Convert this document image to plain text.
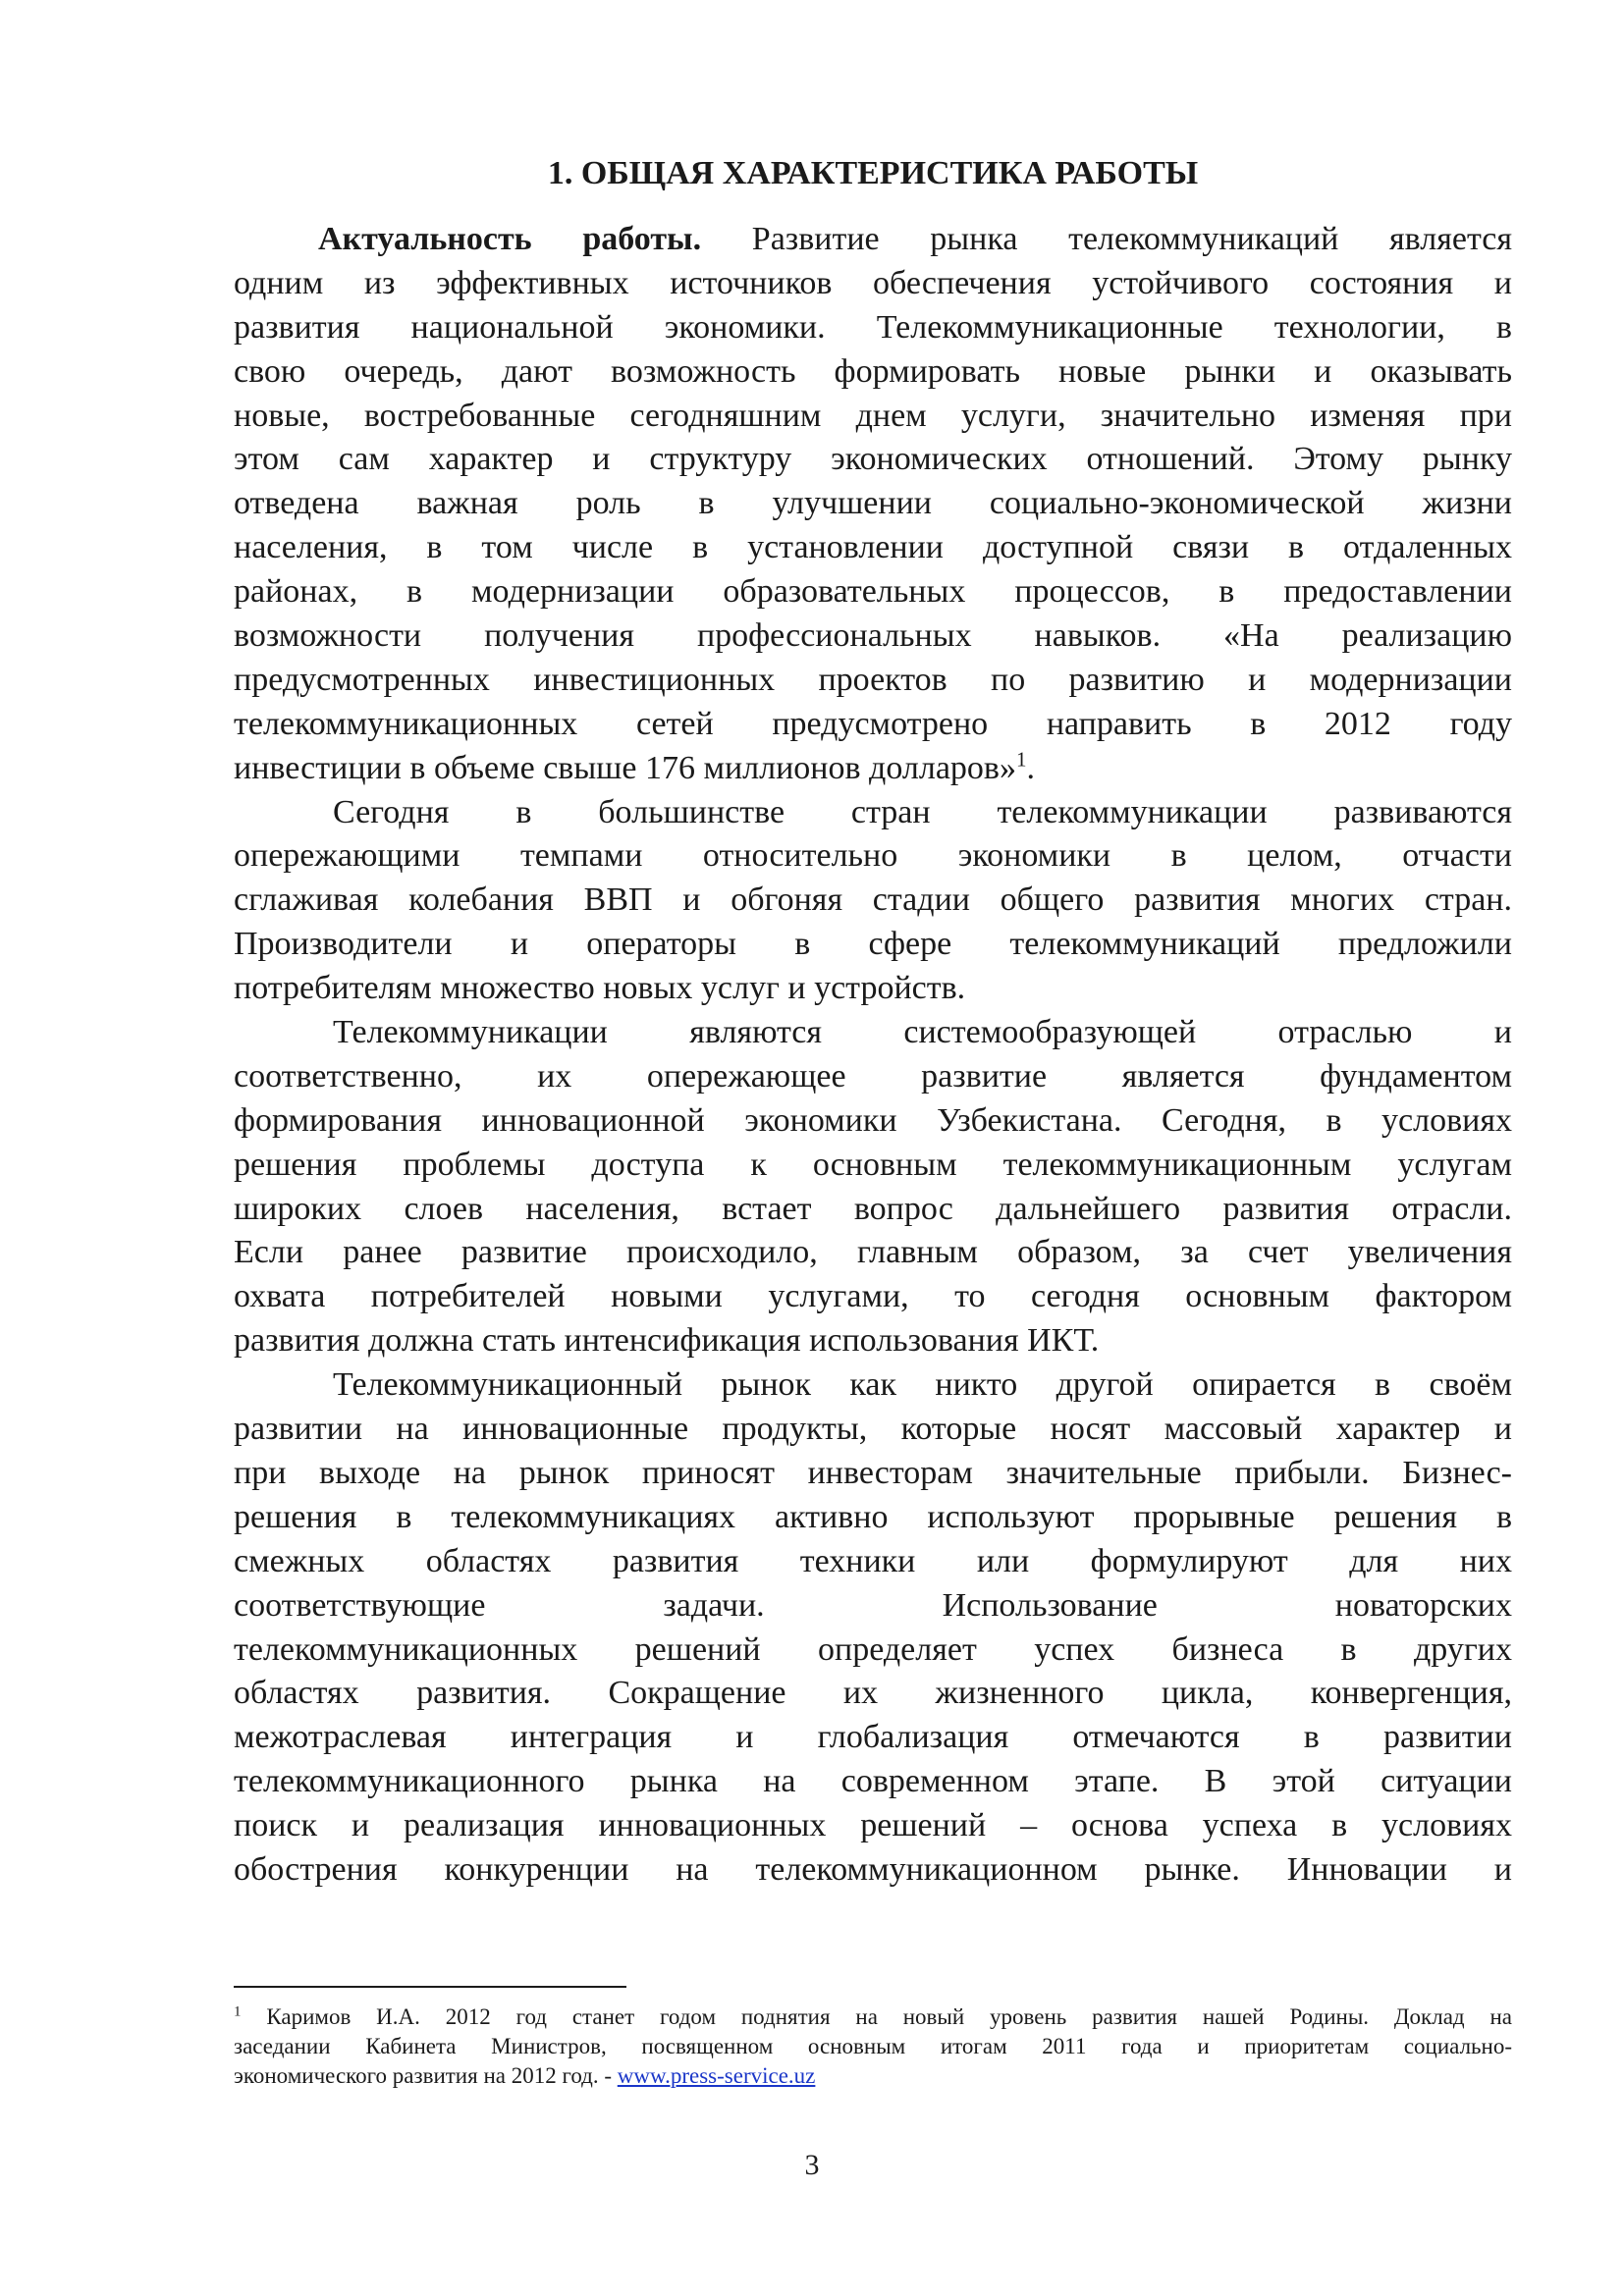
1. ОБЩАЯ ХАРАКТЕРИСТИКА РАБОТЫ
Актуальность работы. Развитие рынка телекоммуникаций является
одним из эффективных источников обеспечения устойчивого состояния и
развития национальной экономики. Телекоммуникационные технологии, в
свою очередь, дают возможность формировать новые рынки и оказывать
новые, востребованные сегодняшним днем услуги, значительно изменяя при
этом сам характер и структуру экономических отношений. Этому рынку
отведена важная роль в улучшении социально-экономической жизни
населения, в том числе в установлении доступной связи в отдаленных
районах, в модернизации образовательных процессов, в предоставлении
возможности получения профессиональных навыков. «На реализацию
предусмотренных инвестиционных проектов по развитию и модернизации
телекоммуникационных сетей предусмотрено направить в 2012 году
инвестиции в объеме свыше 176 миллионов долларов»$^1$.
Сегодня в большинстве стран телекоммуникации развиваются
опережающими темпами относительно экономики в целом, отчасти
сглаживая колебания ВВП и обгоняя стадии общего развития многих стран.
Производители и операторы в сфере телекоммуникаций предложили
потребителям множество новых услуг и устройств.
Телекоммуникации являются системообразующей отраслью и
соответственно, их опережающее развитие является фундаментом
формирования инновационной экономики Узбекистана. Сегодня, в условиях
решения проблемы доступа к основным телекоммуникационным услугам
широких слоев населения, встает вопрос дальнейшего развития отрасли.
Если ранее развитие происходило, главным образом, за счет увеличения
охвата потребителей новыми услугами, то сегодня основным фактором
развития должна стать интенсификация использования ИКТ.
Телекоммуникационный рынок как никто другой опирается в своём
развитии на инновационные продукты, которые носят массовый характер и
при выходе на рынок приносят инвесторам значительные прибыли. Бизнес-
решения в телекоммуникациях активно используют прорывные решения в
смежных областях развития техники или формулируют для них
соответствующие задачи. Использование новаторских
телекоммуникационных решений определяет успех бизнеса в других
областях развития. Сокращение их жизненного цикла, конвергенция,
межотраслевая интеграция и глобализация отмечаются в развитии
телекоммуникационного рынка на современном этапе. В этой ситуации
поиск и реализация инновационных решений – основа успеха в условиях
обострения конкуренции на телекоммуникационном рынке. Инновации и
$^1$ Каримов И.А. 2012 год станет годом поднятия на новый уровень развития нашей Родины. Доклад на
заседании Кабинета Министров, посвященном основным итогам 2011 года и приоритетам социально-
экономического развития на 2012 год. - www.press-service.uz
3
